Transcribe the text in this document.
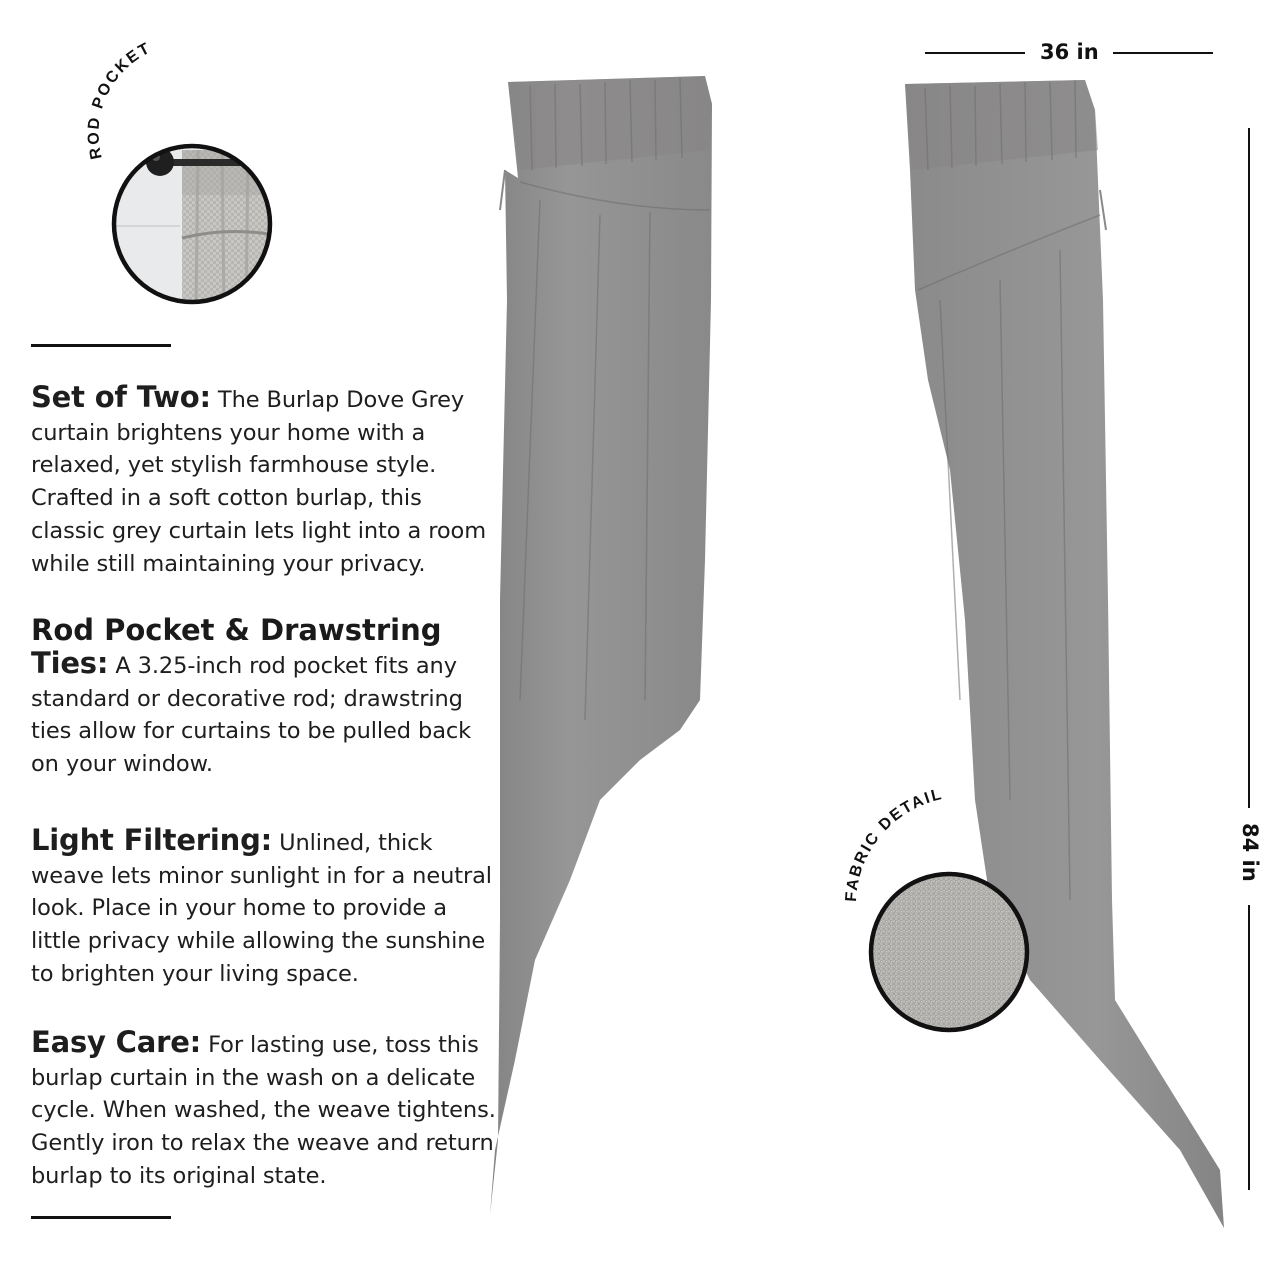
ROD POCKET

Set of Two: The Burlap Dove Grey curtain brightens your home with a relaxed, yet stylish farmhouse style. Crafted in a soft cotton burlap, this classic grey curtain lets light into a room while still maintaining your privacy.

Rod Pocket & Drawstring

Ties: A 3.25-inch rod pocket fits any standard or decorative rod; drawstring ties allow for curtains to be pulled back on your window.

Light Filtering: Unlined, thick weave lets minor sunlight in for a neutral look. Place in your home to provide a little privacy while allowing the sunshine to brighten your living space.

Easy Care: For lasting use, toss this burlap curtain in the wash on a delicate cycle. When washed, the weave tightens. Gently iron to relax the weave and return burlap to its original state.

36 in
84 in
FABRIC DETAIL
